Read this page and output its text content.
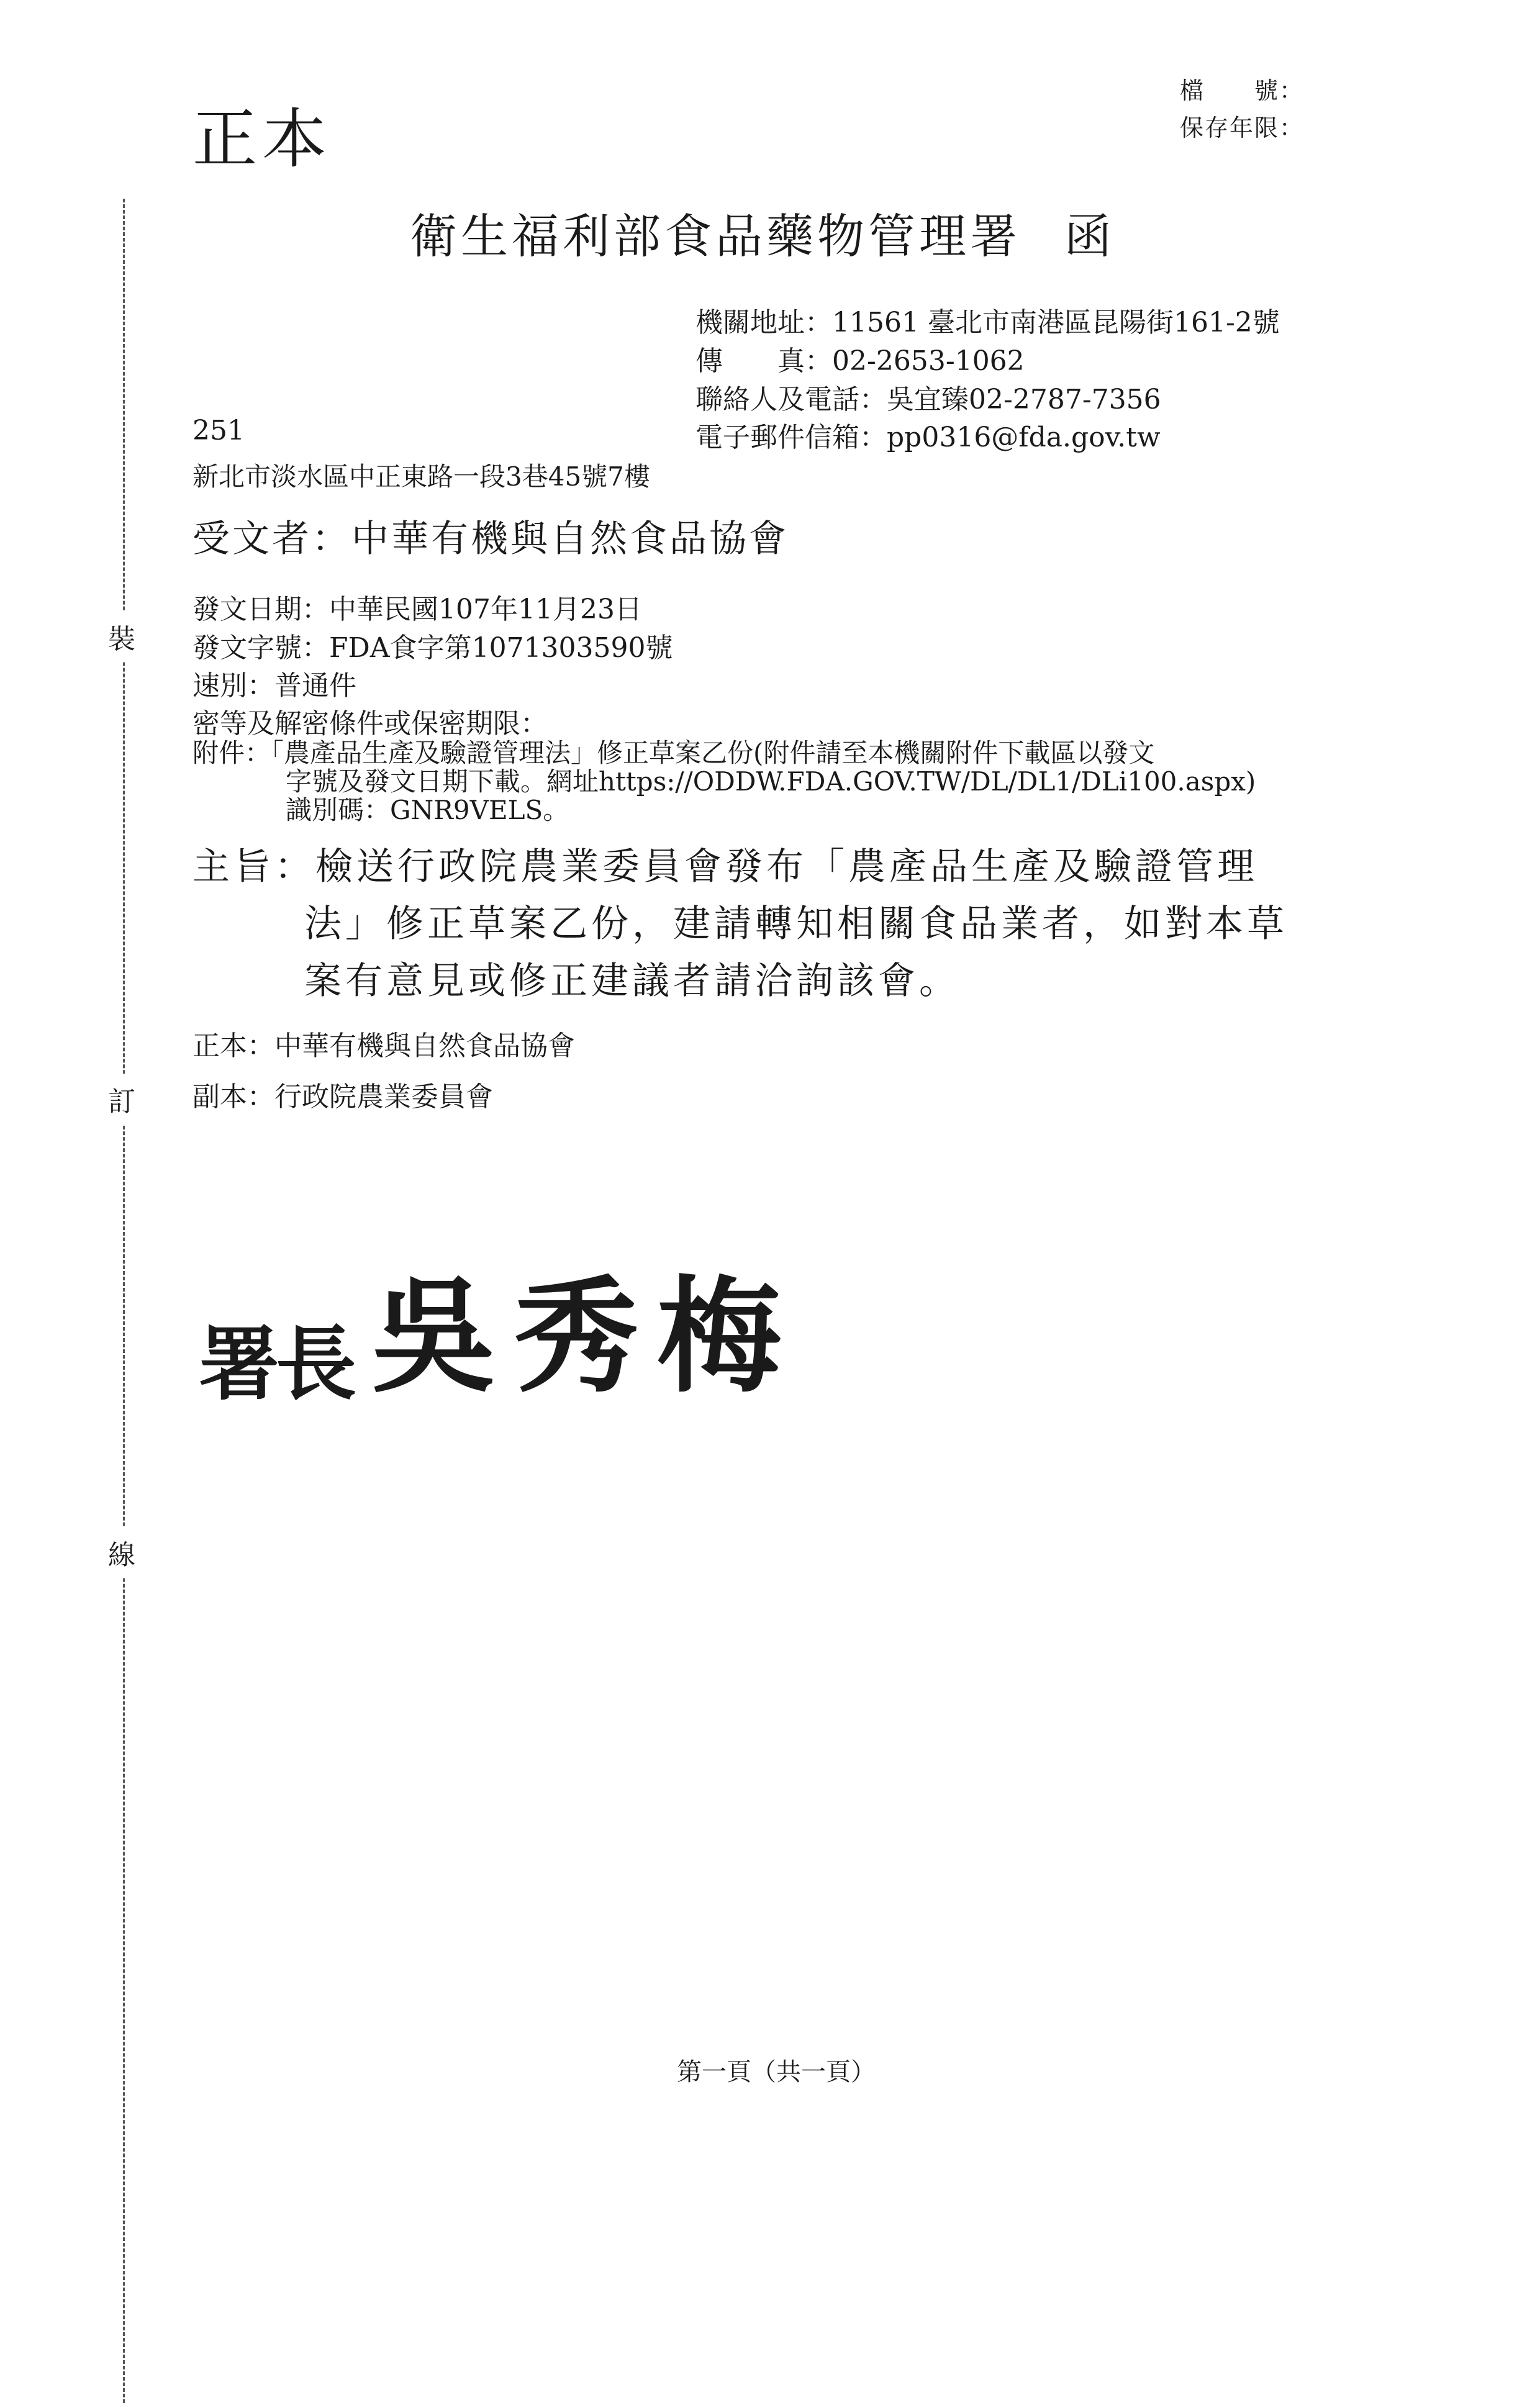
裝
訂
線
正本
檔　　號：
保存年限：
衛生福利部食品藥物管理署 函
機關地址：11561 臺北市南港區昆陽街161-2號
傳　　真：02-2653-1062
聯絡人及電話：吳宜臻02-2787-7356
電子郵件信箱：pp0316@fda.gov.tw
251
新北市淡水區中正東路一段3巷45號7樓
受文者：中華有機與自然食品協會
發文日期：中華民國107年11月23日
發文字號：FDA食字第1071303590號
速別：普通件
密等及解密條件或保密期限：
附件：「農產品生產及驗證管理法」修正草案乙份(附件請至本機關附件下載區以發文
字號及發文日期下載。網址https://ODDW.FDA.GOV.TW/DL/DL1/DLi100.aspx)
識別碼：GNR9VELS。
主旨：檢送行政院農業委員會發布「農產品生產及驗證管理
法」修正草案乙份，建請轉知相關食品業者，如對本草
案有意見或修正建議者請洽詢該會。
正本：中華有機與自然食品協會
副本：行政院農業委員會
署長 吳秀梅
第一頁（共一頁）
